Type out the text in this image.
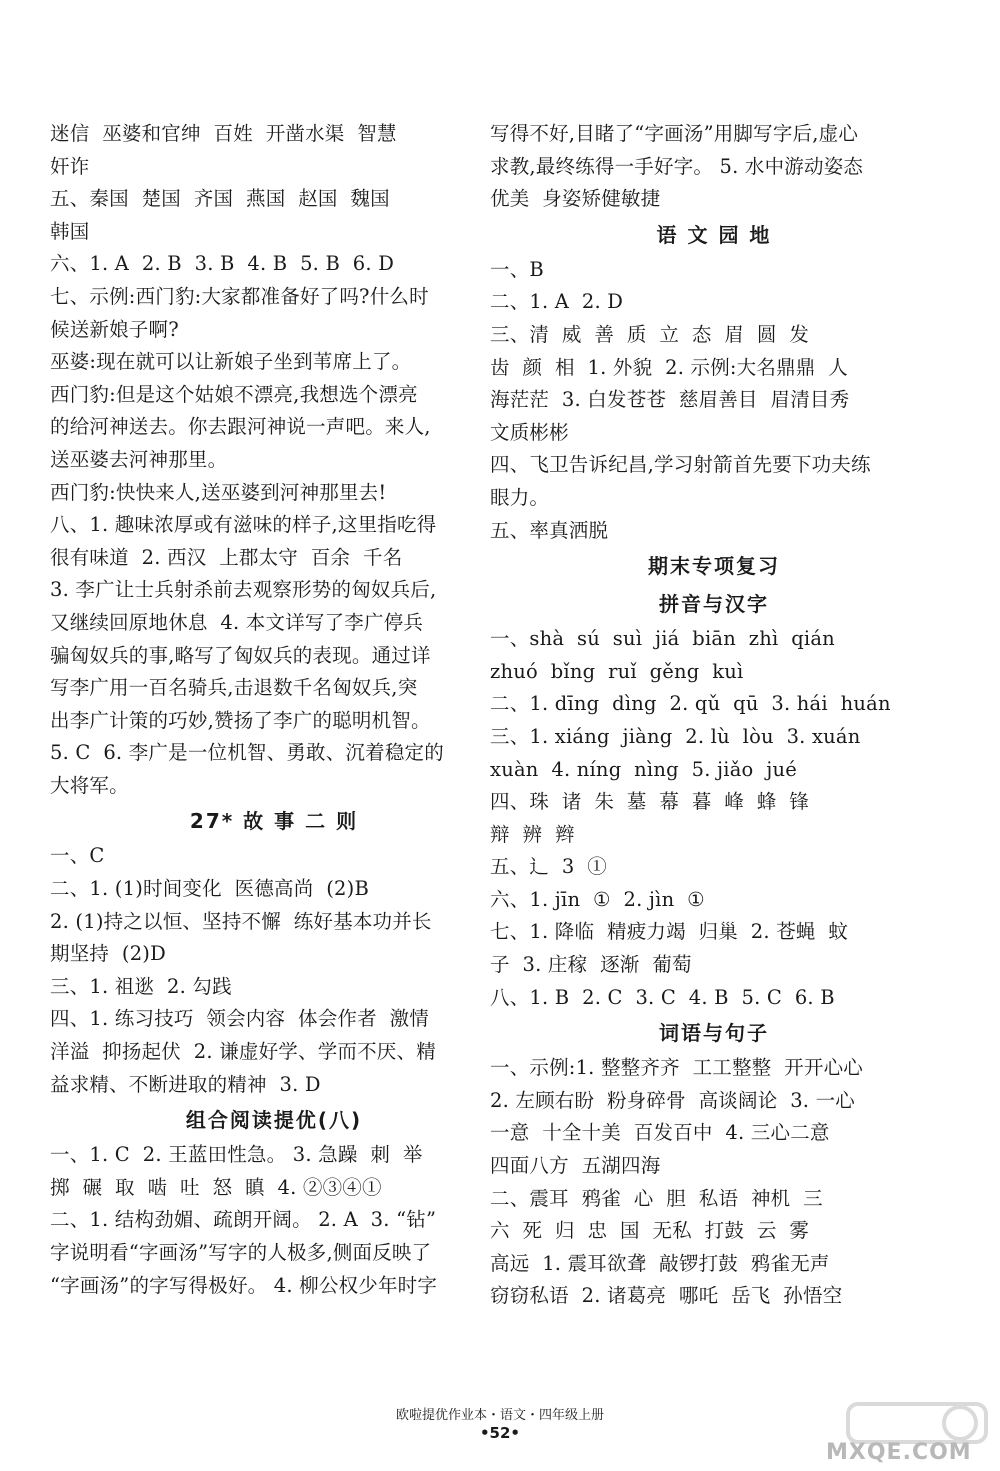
迷信  巫婆和官绅  百姓  开凿水渠  智慧
奸诈
五、秦国  楚国  齐国  燕国  赵国  魏国
韩国
六、1. A  2. B  3. B  4. B  5. B  6. D
七、示例:西门豹:大家都准备好了吗?什么时
候送新娘子啊?
巫婆:现在就可以让新娘子坐到苇席上了。
西门豹:但是这个姑娘不漂亮,我想选个漂亮
的给河神送去。你去跟河神说一声吧。来人,
送巫婆去河神那里。
西门豹:快快来人,送巫婆到河神那里去!
八、1. 趣味浓厚或有滋味的样子,这里指吃得
很有味道  2. 西汉  上郡太守  百余  千名
3. 李广让士兵射杀前去观察形势的匈奴兵后,
又继续回原地休息  4. 本文详写了李广停兵
骗匈奴兵的事,略写了匈奴兵的表现。通过详
写李广用一百名骑兵,击退数千名匈奴兵,突
出李广计策的巧妙,赞扬了李广的聪明机智。
5. C  6. 李广是一位机智、勇敢、沉着稳定的
大将军。
27* 故 事 二 则
一、C
二、1. (1)时间变化  医德高尚  (2)B
2. (1)持之以恒、坚持不懈  练好基本功并长
期坚持  (2)D
三、1. 祖逖  2. 勾践
四、1. 练习技巧  领会内容  体会作者  激情
洋溢  抑扬起伏  2. 谦虚好学、学而不厌、精
益求精、不断进取的精神  3. D
组合阅读提优(八)
一、1. C  2. 王蓝田性急。 3. 急躁  刺  举
掷  碾  取  啮  吐  怒  瞋  4. ②③④①
二、1. 结构劲媚、疏朗开阔。 2. A  3. “钻”
字说明看“字画汤”写字的人极多,侧面反映了
“字画汤”的字写得极好。 4. 柳公权少年时字
写得不好,目睹了“字画汤”用脚写字后,虚心
求教,最终练得一手好字。 5. 水中游动姿态
优美  身姿矫健敏捷
语 文 园 地
一、B
二、1. A  2. D
三、清  威  善  质  立  态  眉  圆  发
齿  颜  相  1. 外貌  2. 示例:大名鼎鼎  人
海茫茫  3. 白发苍苍  慈眉善目  眉清目秀
文质彬彬
四、飞卫告诉纪昌,学习射箭首先要下功夫练
眼力。
五、率真洒脱
期末专项复习
拼音与汉字
一、shà  sú  suì  jiá  biān  zhì  qián
zhuó  bǐng  ruǐ  gěng  kuì
二、1. dīng  dìng  2. qǔ  qū  3. hái  huán
三、1. xiáng  jiàng  2. lù  lòu  3. xuán
xuàn  4. níng  nìng  5. jiǎo  jué
四、珠  诸  朱  墓  幕  暮  峰  蜂  锋
辩  辨  辫
五、辶  3  ①
六、1. jīn  ①  2. jìn  ①
七、1. 降临  精疲力竭  归巢  2. 苍蝇  蚊
子  3. 庄稼  逐渐  葡萄
八、1. B  2. C  3. C  4. B  5. C  6. B
词语与句子
一、示例:1. 整整齐齐  工工整整  开开心心
2. 左顾右盼  粉身碎骨  高谈阔论  3. 一心
一意  十全十美  百发百中  4. 三心二意
四面八方  五湖四海
二、震耳  鸦雀  心  胆  私语  神机  三
六  死  归  忠  国  无私  打鼓  云  雾
高远  1. 震耳欲聋  敲锣打鼓  鸦雀无声
窃窃私语  2. 诸葛亮  哪吒  岳飞  孙悟空
欧啦提优作业本・语文・四年级上册
•52•
MXQE.COM
